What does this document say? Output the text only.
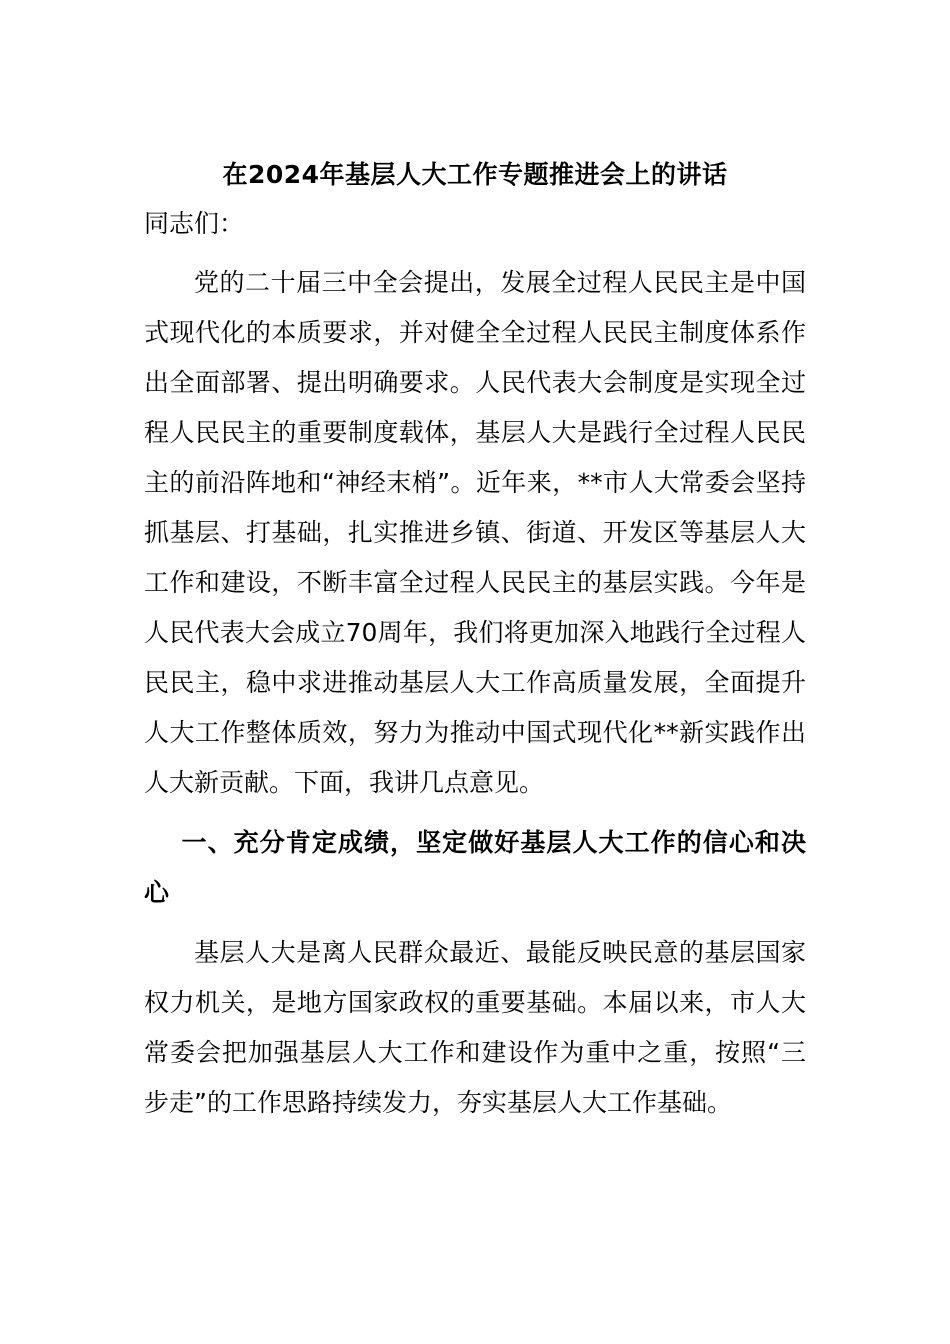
在2024年基层人大工作专题推进会上的讲话
同志们：

党的二十届三中全会提出，发展全过程人民民主是中国式现代化的本质要求，并对健全全过程人民民主制度体系作出全面部署、提出明确要求。人民代表大会制度是实现全过程人民民主的重要制度载体，基层人大是践行全过程人民民主的前沿阵地和“神经末梢”。近年来，**市人大常委会坚持抓基层、打基础，扎实推进乡镇、街道、开发区等基层人大工作和建设，不断丰富全过程人民民主的基层实践。今年是人民代表大会成立70周年，我们将更加深入地践行全过程人民民主，稳中求进推动基层人大工作高质量发展，全面提升人大工作整体质效，努力为推动中国式现代化**新实践作出人大新贡献。下面，我讲几点意见。

一、充分肯定成绩，坚定做好基层人大工作的信心和决心

基层人大是离人民群众最近、最能反映民意的基层国家权力机关，是地方国家政权的重要基础。本届以来，市人大常委会把加强基层人大工作和建设作为重中之重，按照“三步走”的工作思路持续发力，夯实基层人大工作基础。
